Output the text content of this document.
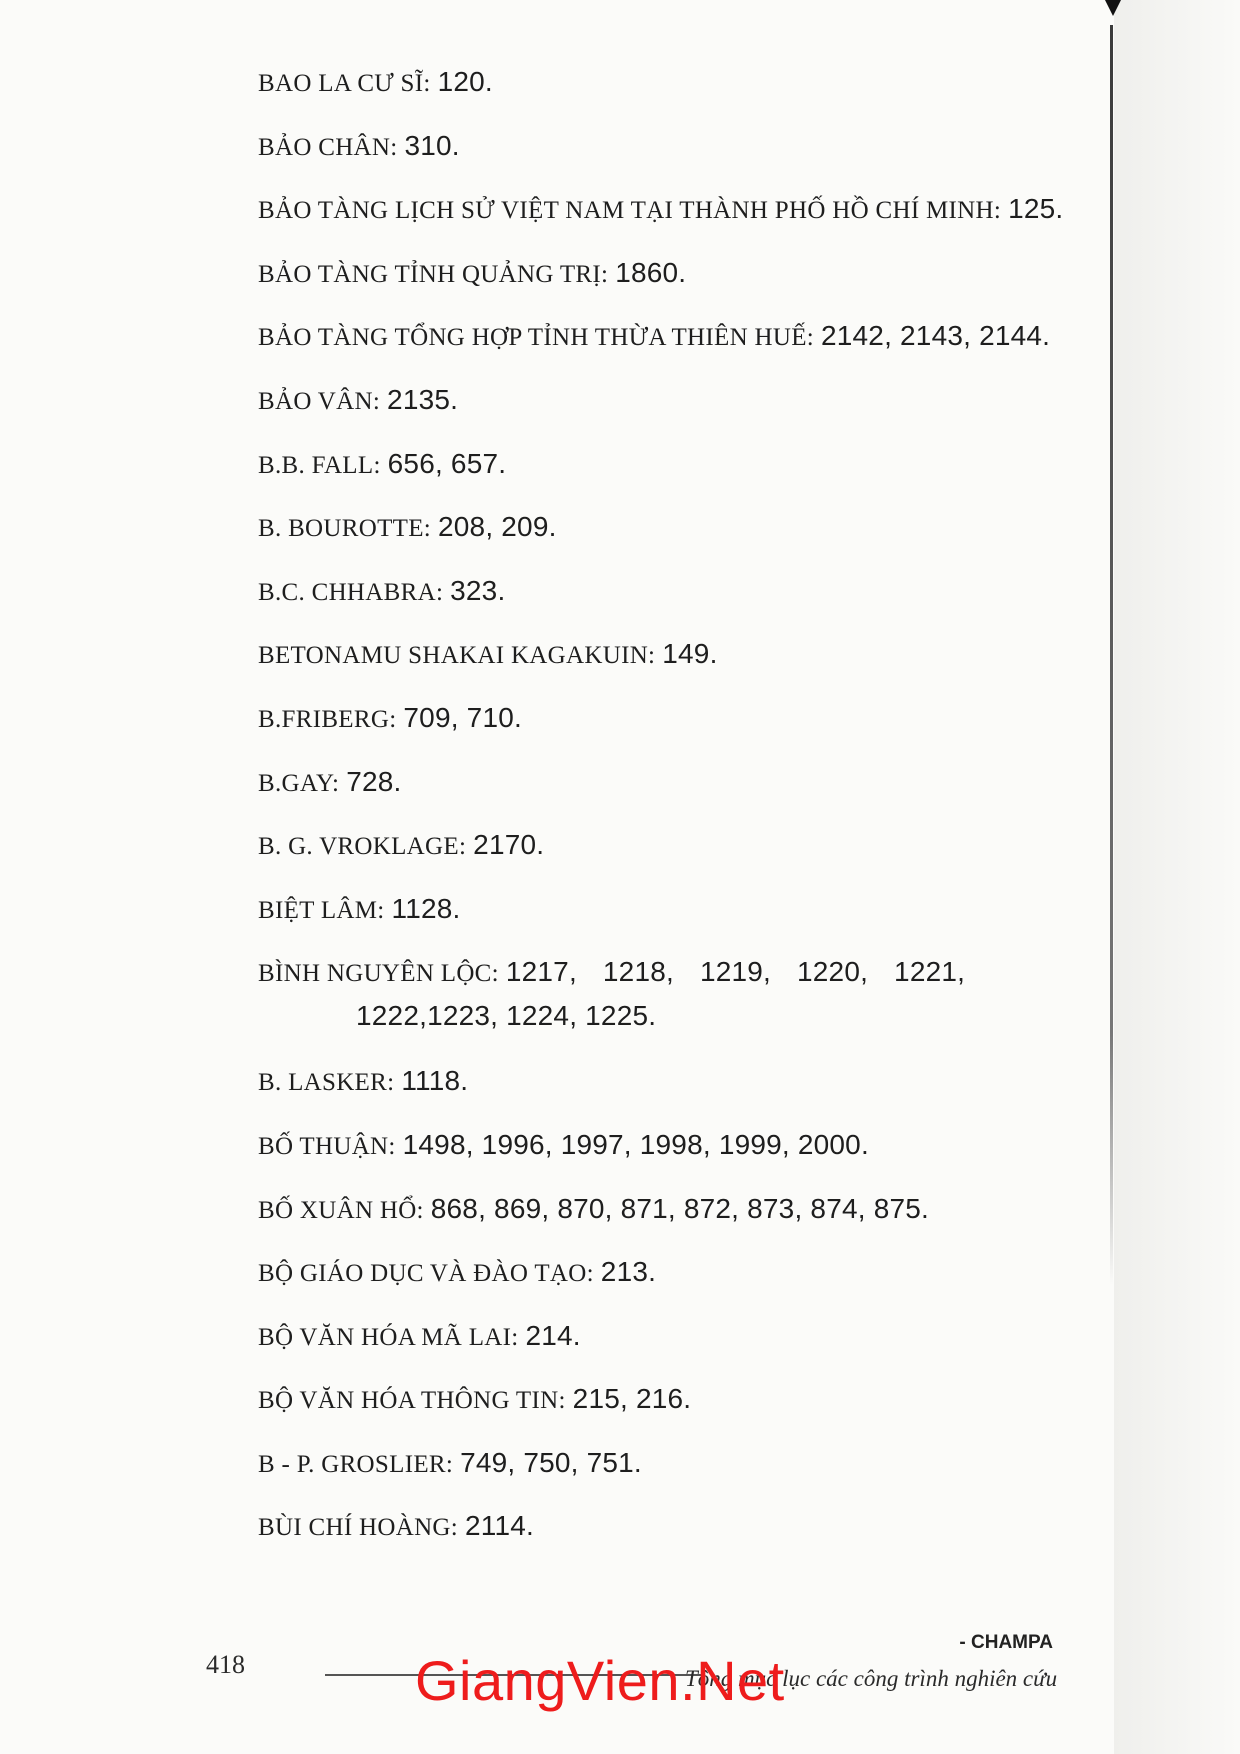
BAO LA CƯ SĨ: 120.
BẢO CHÂN: 310.
BẢO TÀNG LỊCH SỬ VIỆT NAM TẠI THÀNH PHỐ HỒ CHÍ MINH: 125.
BẢO TÀNG TỈNH QUẢNG TRỊ: 1860.
BẢO TÀNG TỔNG HỢP TỈNH THỪA THIÊN HUẾ: 2142, 2143, 2144.
BẢO VÂN: 2135.
B.B. FALL: 656, 657.
B. BOUROTTE: 208, 209.
B.C. CHHABRA: 323.
BETONAMU SHAKAI KAGAKUIN: 149.
B.FRIBERG: 709, 710.
B.GAY: 728.
B. G. VROKLAGE: 2170.
BIỆT LÂM: 1128.
BÌNH NGUYÊN LỘC: 1217, 1218, 1219, 1220, 1221,
1222,1223, 1224, 1225.
B. LASKER: 1118.
BỐ THUẬN: 1498, 1996, 1997, 1998, 1999, 2000.
BỐ XUÂN HỔ: 868, 869, 870, 871, 872, 873, 874, 875.
BỘ GIÁO DỤC VÀ ĐÀO TẠO: 213.
BỘ VĂN HÓA MÃ LAI: 214.
BỘ VĂN HÓA THÔNG TIN: 215, 216.
B - P. GROSLIER: 749, 750, 751.
BÙI CHÍ HOÀNG: 2114.
418
- CHAMPA
Tổng mục lục các công trình nghiên cứu
GiangVien.Net
